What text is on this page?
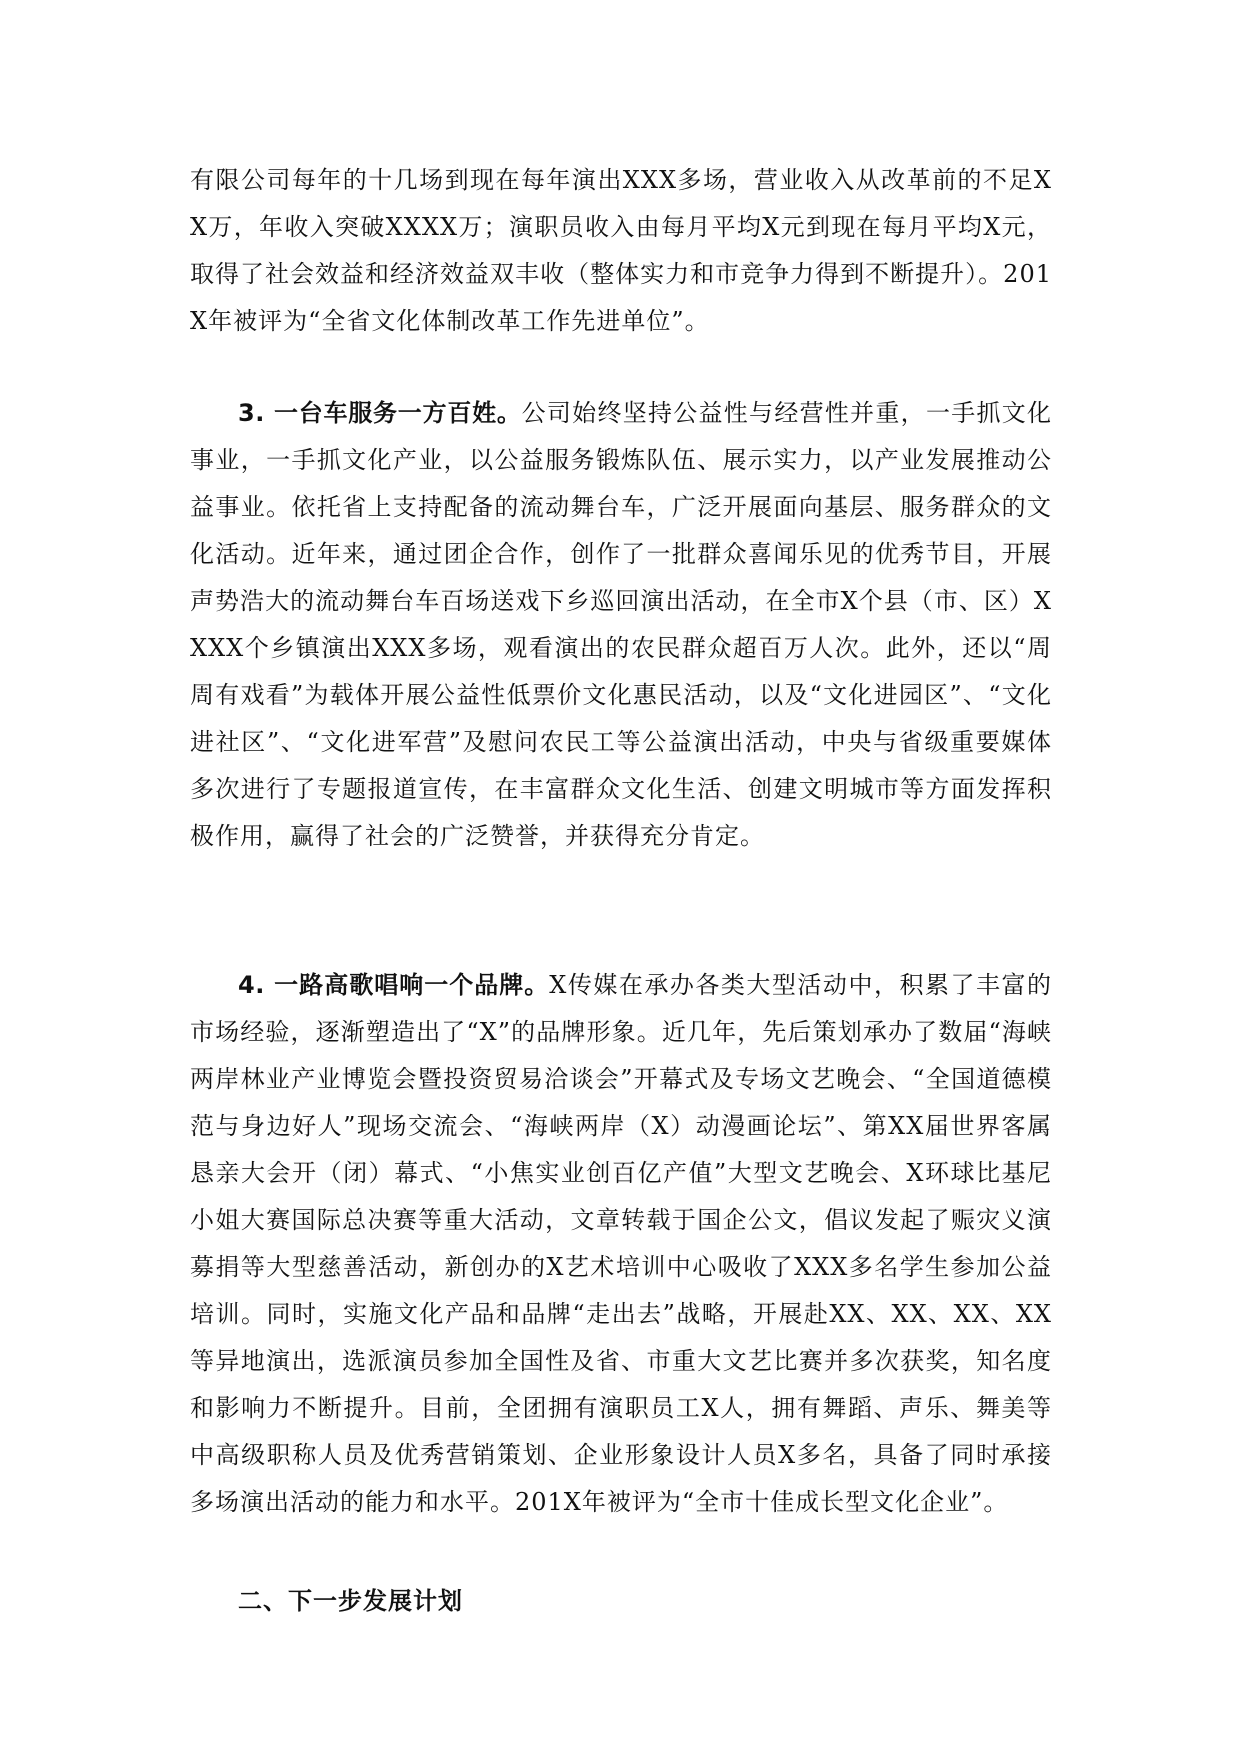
有限公司每年的十几场到现在每年演出XXX多场，营业收入从改革前的不足XX万，年收入突破XXXX万；演职员收入由每月平均X元到现在每月平均X元，取得了社会效益和经济效益双丰收（整体实力和市竞争力得到不断提升）。201X年被评为“全省文化体制改革工作先进单位”。

3. 一台车服务一方百姓。公司始终坚持公益性与经营性并重，一手抓文化事业，一手抓文化产业，以公益服务锻炼队伍、展示实力，以产业发展推动公益事业。依托省上支持配备的流动舞台车，广泛开展面向基层、服务群众的文化活动。近年来，通过团企合作，创作了一批群众喜闻乐见的优秀节目，开展声势浩大的流动舞台车百场送戏下乡巡回演出活动，在全市X个县（市、区）XXXX个乡镇演出XXX多场，观看演出的农民群众超百万人次。此外，还以“周周有戏看”为载体开展公益性低票价文化惠民活动，以及“文化进园区”、“文化进社区”、“文化进军营”及慰问农民工等公益演出活动，中央与省级重要媒体多次进行了专题报道宣传，在丰富群众文化生活、创建文明城市等方面发挥积极作用，赢得了社会的广泛赞誉，并获得充分肯定。

4. 一路高歌唱响一个品牌。X传媒在承办各类大型活动中，积累了丰富的市场经验，逐渐塑造出了“X”的品牌形象。近几年，先后策划承办了数届“海峡两岸林业产业博览会暨投资贸易洽谈会”开幕式及专场文艺晚会、“全国道德模范与身边好人”现场交流会、“海峡两岸（X）动漫画论坛”、第XX届世界客属恳亲大会开（闭）幕式、“小焦实业创百亿产值”大型文艺晚会、X环球比基尼小姐大赛国际总决赛等重大活动，文章转载于国企公文，倡议发起了赈灾义演募捐等大型慈善活动，新创办的X艺术培训中心吸收了XXX多名学生参加公益培训。同时，实施文化产品和品牌“走出去”战略，开展赴XX、XX、XX、XX等异地演出，选派演员参加全国性及省、市重大文艺比赛并多次获奖，知名度和影响力不断提升。目前，全团拥有演职员工X人，拥有舞蹈、声乐、舞美等中高级职称人员及优秀营销策划、企业形象设计人员X多名，具备了同时承接多场演出活动的能力和水平。201X年被评为“全市十佳成长型文化企业”。

二、下一步发展计划
